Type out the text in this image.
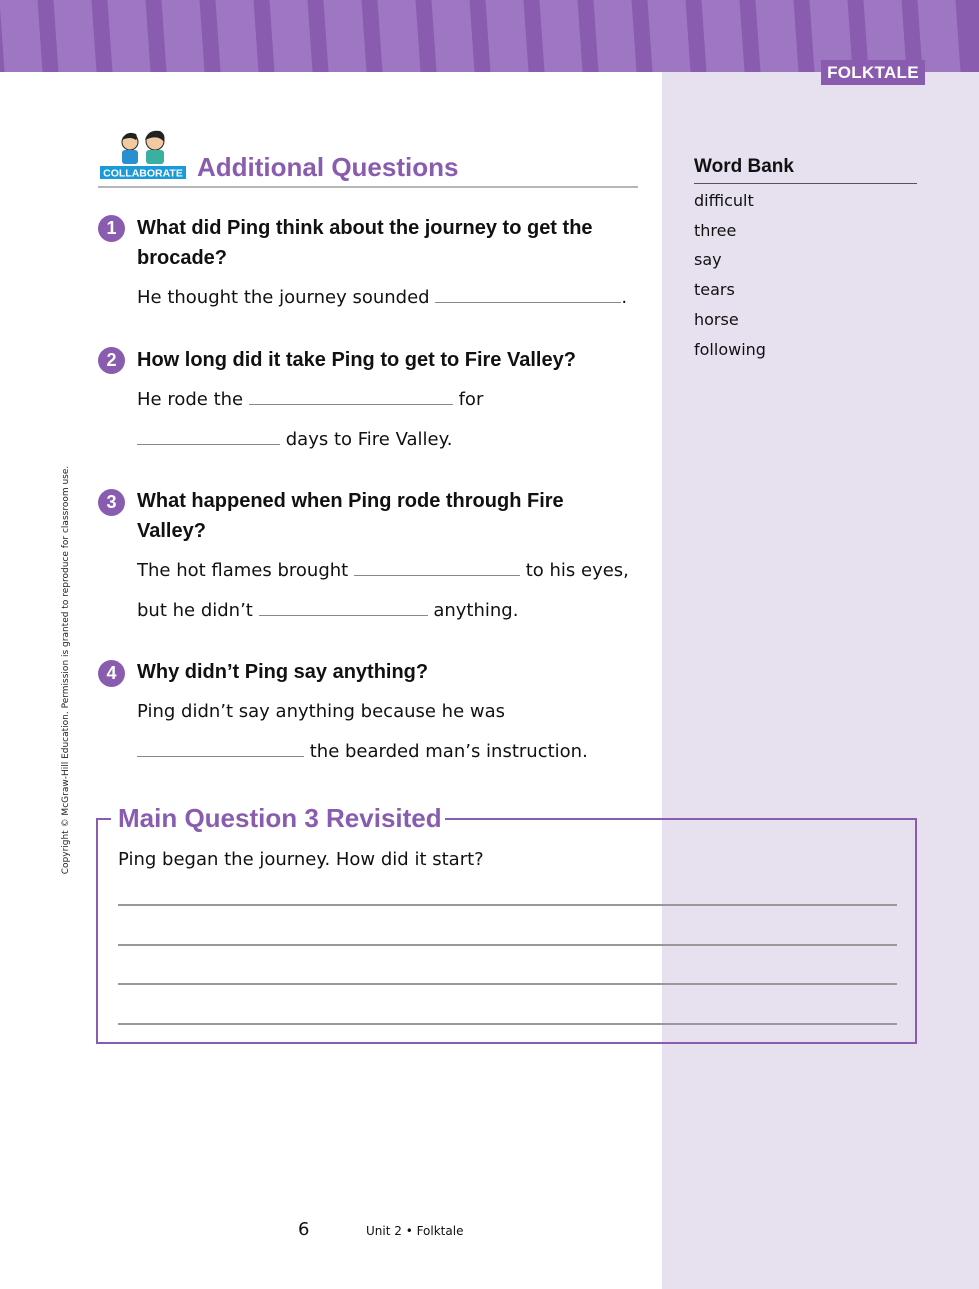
FOLKTALE
COLLABORATE Additional Questions
1	What did Ping think about the journey to get the brocade?
He thought the journey sounded	.
2	How long did it take Ping to get to Fire Valley?
He rode the	for
days to Fire Valley.
3	What happened when Ping rode through Fire Valley?
The hot flames brought	to his eyes,
but he didn’t	anything.
4	Why didn’t Ping say anything?
Ping didn’t say anything because he was
the bearded man’s instruction.
Word Bank
difficult
three
say
tears
horse
following
Copyright © McGraw-Hill Education. Permission is granted to reproduce for classroom use. Main Question 3 Revisited
Ping began the journey. How did it start?
6	Unit 2 • Folktale
